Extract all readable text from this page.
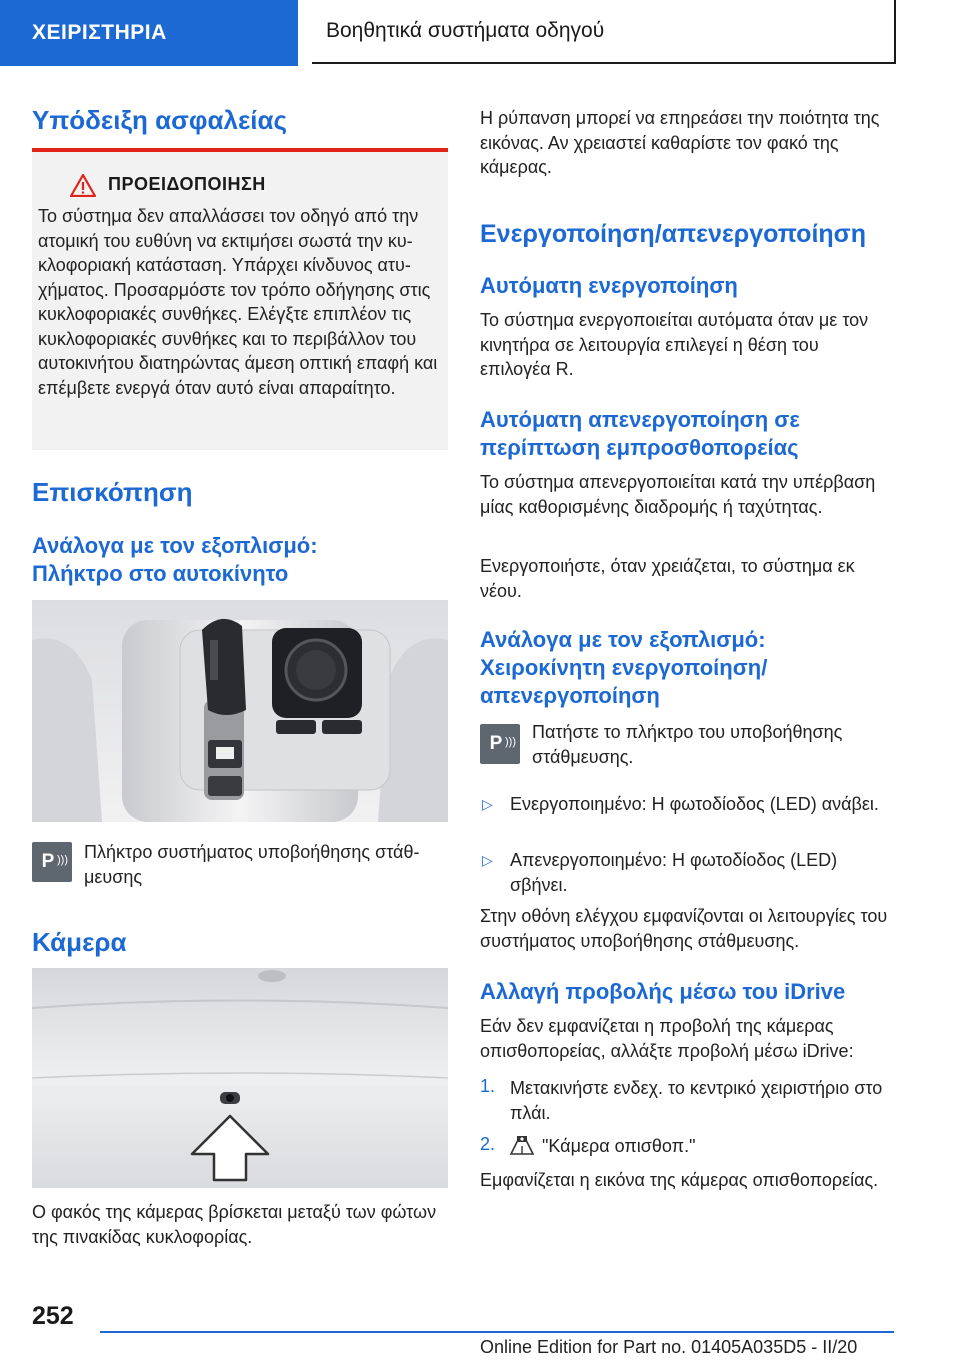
ΧΕΙΡΙΣΤΗΡΙΑ	Βοηθητικά συστήματα οδηγού
Υπόδειξη ασφαλείας
ΠΡΟΕΙΔΟΠΟΙΗΣΗ
Το σύστημα δεν απαλλάσσει τον οδηγό από την ατομική του ευθύνη να εκτιμήσει σωστά την κυκλοφοριακή κατάσταση. Υπάρχει κίνδυνος ατυχήματος. Προσαρμόστε τον τρόπο οδήγησης στις κυκλοφοριακές συνθήκες. Ελέγξτε επιπλέον τις κυκλοφοριακές συνθήκες και το περιβάλλον του αυτοκινήτου διατηρώντας άμεση οπτική επαφή και επέμβετε ενεργά όταν αυτό είναι απαραίτητο.
Επισκόπηση
Ανάλογα με τον εξοπλισμό:
Πλήκτρο στο αυτοκίνητο
P ))) Πλήκτρο συστήματος υποβοήθησης στάθμευσης
Κάμερα
Ο φακός της κάμερας βρίσκεται μεταξύ των φώτων της πινακίδας κυκλοφορίας.
Η ρύπανση μπορεί να επηρεάσει την ποιότητα της εικόνας. Αν χρειαστεί καθαρίστε τον φακό της κάμερας.
Ενεργοποίηση/απενεργοποίηση
Αυτόματη ενεργοποίηση
Το σύστημα ενεργοποιείται αυτόματα όταν με τον κινητήρα σε λειτουργία επιλεγεί η θέση του επιλογέα R.
Αυτόματη απενεργοποίηση σε περίπτωση εμπροσθοπορείας
Το σύστημα απενεργοποιείται κατά την υπέρβαση μίας καθορισμένης διαδρομής ή ταχύτητας.
Ενεργοποιήστε, όταν χρειάζεται, το σύστημα εκ νέου.
Ανάλογα με τον εξοπλισμό: Χειροκίνητη ενεργοποίηση/απενεργοποίηση
P ))) Πατήστε το πλήκτρο του υποβοήθησης στάθμευσης.
▷ Ενεργοποιημένο: Η φωτοδίοδος (LED) ανάβει.
▷ Απενεργοποιημένο: Η φωτοδίοδος (LED) σβήνει.
Στην οθόνη ελέγχου εμφανίζονται οι λειτουργίες του συστήματος υποβοήθησης στάθμευσης.
Αλλαγή προβολής μέσω του iDrive
Εάν δεν εμφανίζεται η προβολή της κάμερας οπισθοπορείας, αλλάξτε προβολή μέσω iDrive:
1. Μετακινήστε ενδεχ. το κεντρικό χειριστήριο στο πλάι.
2.	"Κάμερα οπισθοπ."
Εμφανίζεται η εικόνα της κάμερας οπισθοπορείας.
252
Online Edition for Part no. 01405A035D5 - II/20
